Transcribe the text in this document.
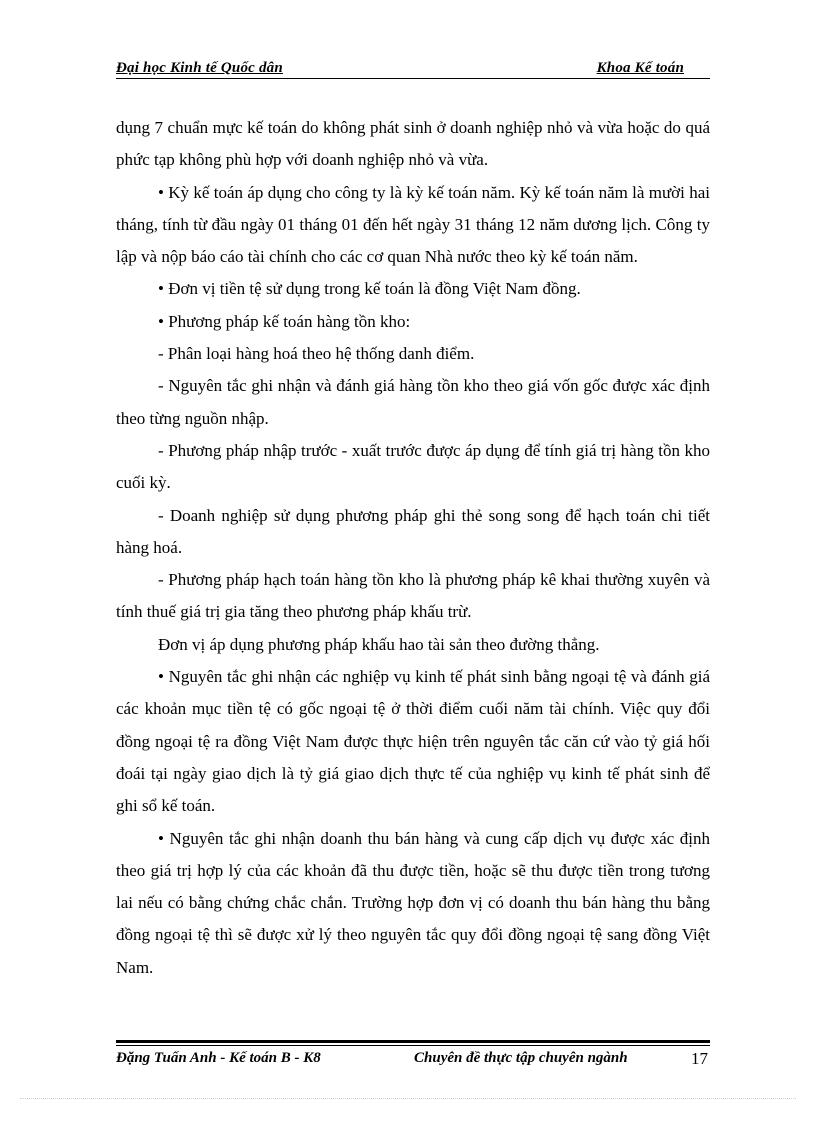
Đại học Kinh tế Quốc dân	Khoa Kế toán

dụng 7 chuẩn mực kế toán do không phát sinh ở doanh nghiệp nhỏ và vừa hoặc do quá phức tạp không phù hợp với doanh nghiệp nhỏ và vừa.

• Kỳ kế toán áp dụng cho công ty là kỳ kế toán năm. Kỳ kế toán năm là mười hai tháng, tính từ đầu ngày 01 tháng 01 đến hết ngày 31 tháng 12 năm dương lịch. Công ty lập và nộp báo cáo tài chính cho các cơ quan Nhà nước theo kỳ kế toán năm.

• Đơn vị tiền tệ sử dụng trong kế toán là đồng Việt Nam đồng.

• Phương pháp kế toán hàng tồn kho:

- Phân loại hàng hoá theo hệ thống danh điểm.

- Nguyên tắc ghi nhận và đánh giá hàng tồn kho theo giá vốn gốc được xác định theo từng nguồn nhập.

- Phương pháp nhập trước - xuất trước được áp dụng để tính giá trị hàng tồn kho cuối kỳ.

- Doanh nghiệp sử dụng phương pháp ghi thẻ song song để hạch toán chi tiết hàng hoá.

- Phương pháp hạch toán hàng tồn kho là phương pháp kê khai thường xuyên và tính thuế giá trị gia tăng theo phương pháp khấu trừ.

Đơn vị áp dụng phương pháp khấu hao tài sản theo đường thẳng.

• Nguyên tắc ghi nhận các nghiệp vụ kinh tế phát sinh bằng ngoại tệ và đánh giá các khoản mục tiền tệ có gốc ngoại tệ ở thời điểm cuối năm tài chính. Việc quy đổi đồng ngoại tệ ra đồng Việt Nam được thực hiện trên nguyên tắc căn cứ vào tỷ giá hối đoái tại ngày giao dịch là tỷ giá giao dịch thực tế của nghiệp vụ kinh tế phát sinh để ghi sổ kế toán.

• Nguyên tắc ghi nhận doanh thu bán hàng và cung cấp dịch vụ được xác định theo giá trị hợp lý của các khoản đã thu được tiền, hoặc sẽ thu được tiền trong tương lai nếu có bằng chứng chắc chắn. Trường hợp đơn vị có doanh thu bán hàng thu bằng đồng ngoại tệ thì sẽ được xử lý theo nguyên tắc quy đổi đồng ngoại tệ sang đồng Việt Nam.

Đặng Tuấn Anh - Kế toán B - K8	Chuyên đề thực tập chuyên ngành	17
